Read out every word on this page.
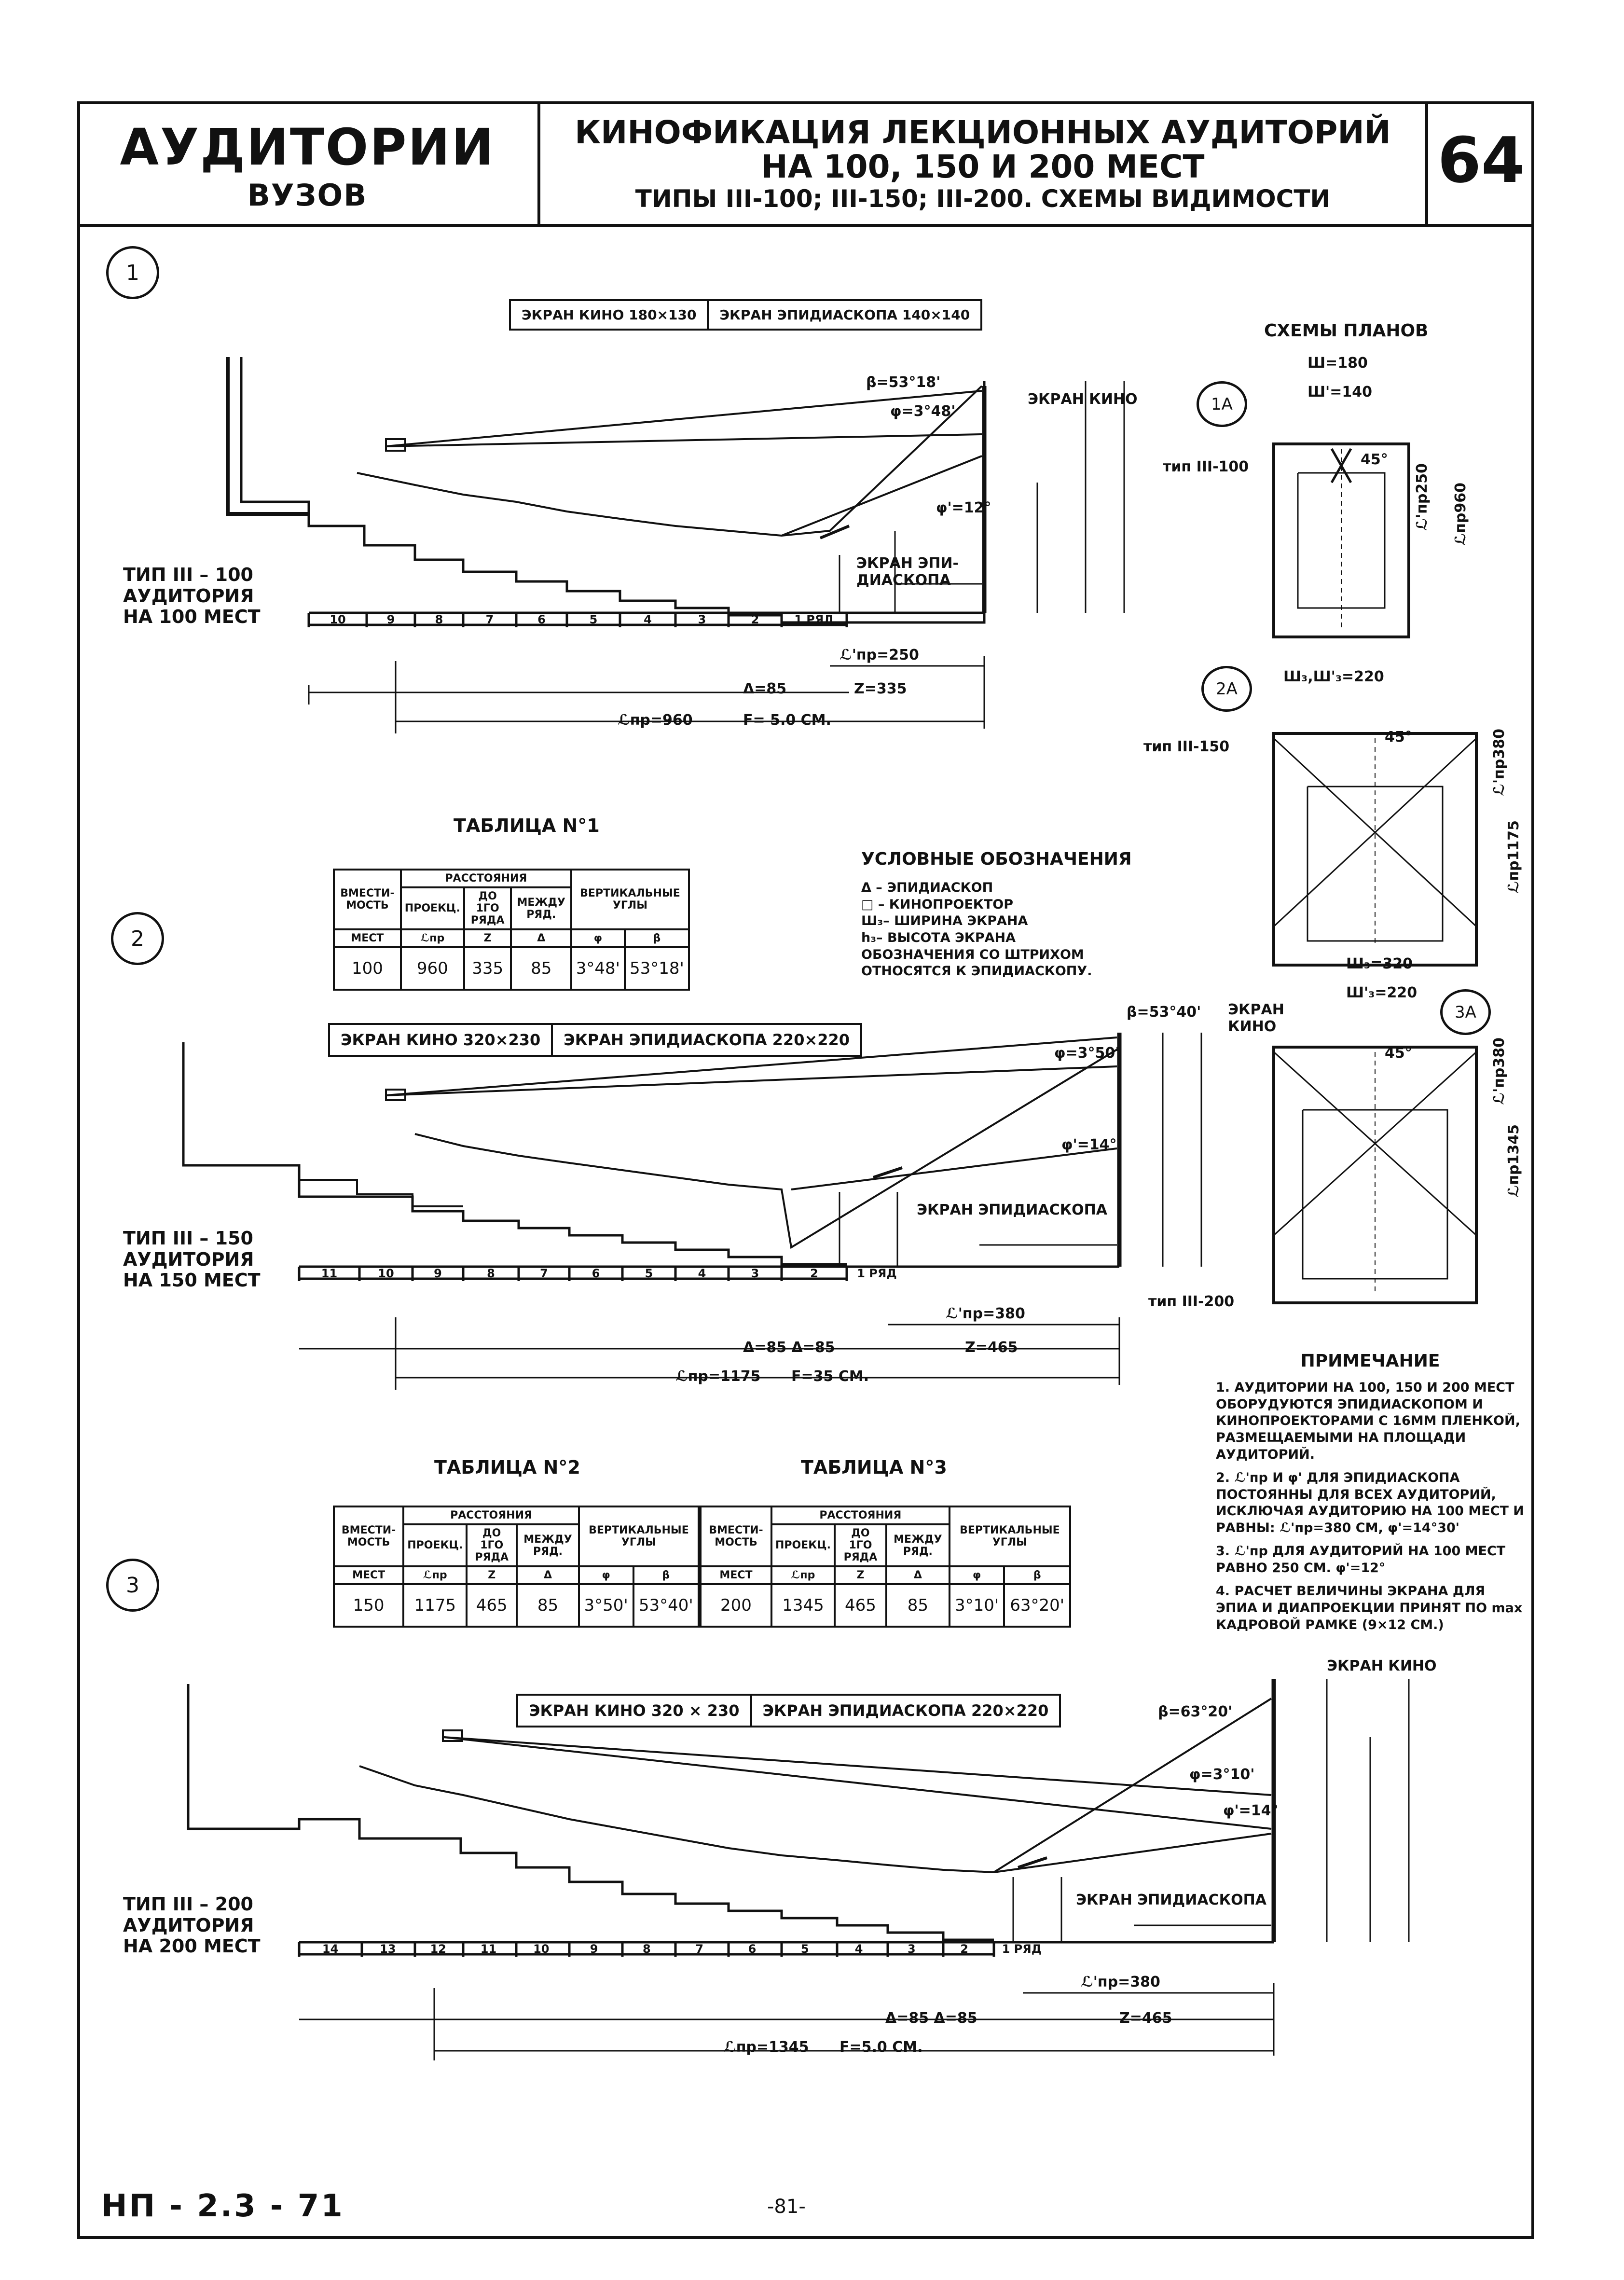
АУДИТОРИИ
ВУЗОВ
КИНОФИКАЦИЯ ЛЕКЦИОННЫХ АУДИТОРИЙ
НА 100, 150 И 200 МЕСТ
ТИПЫ III-100; III-150; III-200. СХЕМЫ ВИДИМОСТИ
64
1
2
3
ЭКРАН КИНО 180×130	ЭКРАН ЭПИДИАСКОПА 140×140
ЭКРАН КИНО 320×230	ЭКРАН ЭПИДИАСКОПА 220×220
ЭКРАН КИНО 320 × 230	ЭКРАН ЭПИДИАСКОПА 220×220
ТИП III – 100
АУДИТОРИЯ
НА 100 МЕСТ
ТИП III – 150
АУДИТОРИЯ
НА 150 МЕСТ
ТИП III – 200
АУДИТОРИЯ
НА 200 МЕСТ
β=53°18'
φ=3°48'
φ'=12°
ЭКРАН КИНО
ЭКРАН ЭПИ-
ДИАСКОПА
ℒ'пр=250
Z=335
Δ=85
ℒпр=960	F= 5.0 СМ.
10	9	8	7	6	5	4	3	2	1 РЯД
β=53°40'
φ=3°50'
φ'=14°
ЭКРАН
КИНО
ЭКРАН ЭПИДИАСКОПА
ℒ'пр=380
Z=465
Δ=85 Δ=85
ℒпр=1175 F=35 СМ.
11	10	9	8	7	6	5	4	3	2	1 РЯД
β=63°20'
φ=3°10'
φ'=14°
ЭКРАН КИНО
ЭКРАН ЭПИДИАСКОПА
ℒ'пр=380
Z=465
Δ=85 Δ=85
ℒпр=1345 F=5.0 СМ.
14	13	12	11	10	9	8	7	6	5	4	3	2	1 РЯД
СХЕМЫ ПЛАНОВ
1А
тип III-100
Ш=180
Ш'=140
45°
ℒ'пр250 ℒпр960
2А
тип III-150
Ш₃,Ш'₃=220
Ш₃=320
45°	ℒ'пр380
ℒпр1175
3А
тип III-200
Ш'₃=220
45°	ℒ'пр380
ℒпр1345
УСЛОВНЫЕ ОБОЗНАЧЕНИЯ
Δ – ЭПИДИАСКОП
□ – КИНОПРОЕКТОР
Ш₃– ШИРИНА ЭКРАНА
h₃– ВЫСОТА ЭКРАНА
ОБОЗНАЧЕНИЯ СО ШТРИХОМ
ОТНОСЯТСЯ К ЭПИДИАСКОПУ.
ТАБЛИЦА N°1
ВМЕСТИ-МОСТЬ	РАССТОЯНИЯ			ВЕРТИКАЛЬНЫЕ УГЛЫ	
	ПРОЕКЦ.	ДО 1ГО РЯДА	МЕЖДУ РЯД.		
МЕСТ	ℒпр	Z	Δ	φ	β
100	960	335	85	3°48'	53°18'
ТАБЛИЦА N°2
ВМЕСТИ-МОСТЬ	РАССТОЯНИЯ			ВЕРТИКАЛЬНЫЕ УГЛЫ	
	ПРОЕКЦ.	ДО 1ГО РЯДА	МЕЖДУ РЯД.		
МЕСТ	ℒпр	Z	Δ	φ	β
150	1175	465	85	3°50'	53°40'
ТАБЛИЦА N°3
ВМЕСТИ-МОСТЬ	РАССТОЯНИЯ			ВЕРТИКАЛЬНЫЕ УГЛЫ	
	ПРОЕКЦ.	ДО 1ГО РЯДА	МЕЖДУ РЯД.		
МЕСТ	ℒпр	Z	Δ	φ	β
200	1345	465	85	3°10'	63°20'
ПРИМЕЧАНИЕ
1. АУДИТОРИИ НА 100, 150 И 200 МЕСТ ОБОРУДУЮТСЯ ЭПИДИАСКОПОМ И КИНОПРОЕКТОРАМИ С 16ММ ПЛЕНКОЙ, РАЗМЕЩАЕМЫМИ НА ПЛОЩАДИ АУДИТОРИЙ.
2. ℒ'пр И φ' ДЛЯ ЭПИДИАСКОПА ПОСТОЯННЫ ДЛЯ ВСЕХ АУДИТОРИЙ, ИСКЛЮЧАЯ АУДИТОРИЮ НА 100 МЕСТ И РАВНЫ: ℒ'пр=380 СМ, φ'=14°30'
3. ℒ'пр ДЛЯ АУДИТОРИЙ НА 100 МЕСТ РАВНО 250 СМ. φ'=12°
4. РАСЧЕТ ВЕЛИЧИНЫ ЭКРАНА ДЛЯ ЭПИА И ДИАПРОЕКЦИИ ПРИНЯТ ПО max КАДРОВОЙ РАМКЕ (9×12 СМ.)
НП - 2.3 - 71	-81-
